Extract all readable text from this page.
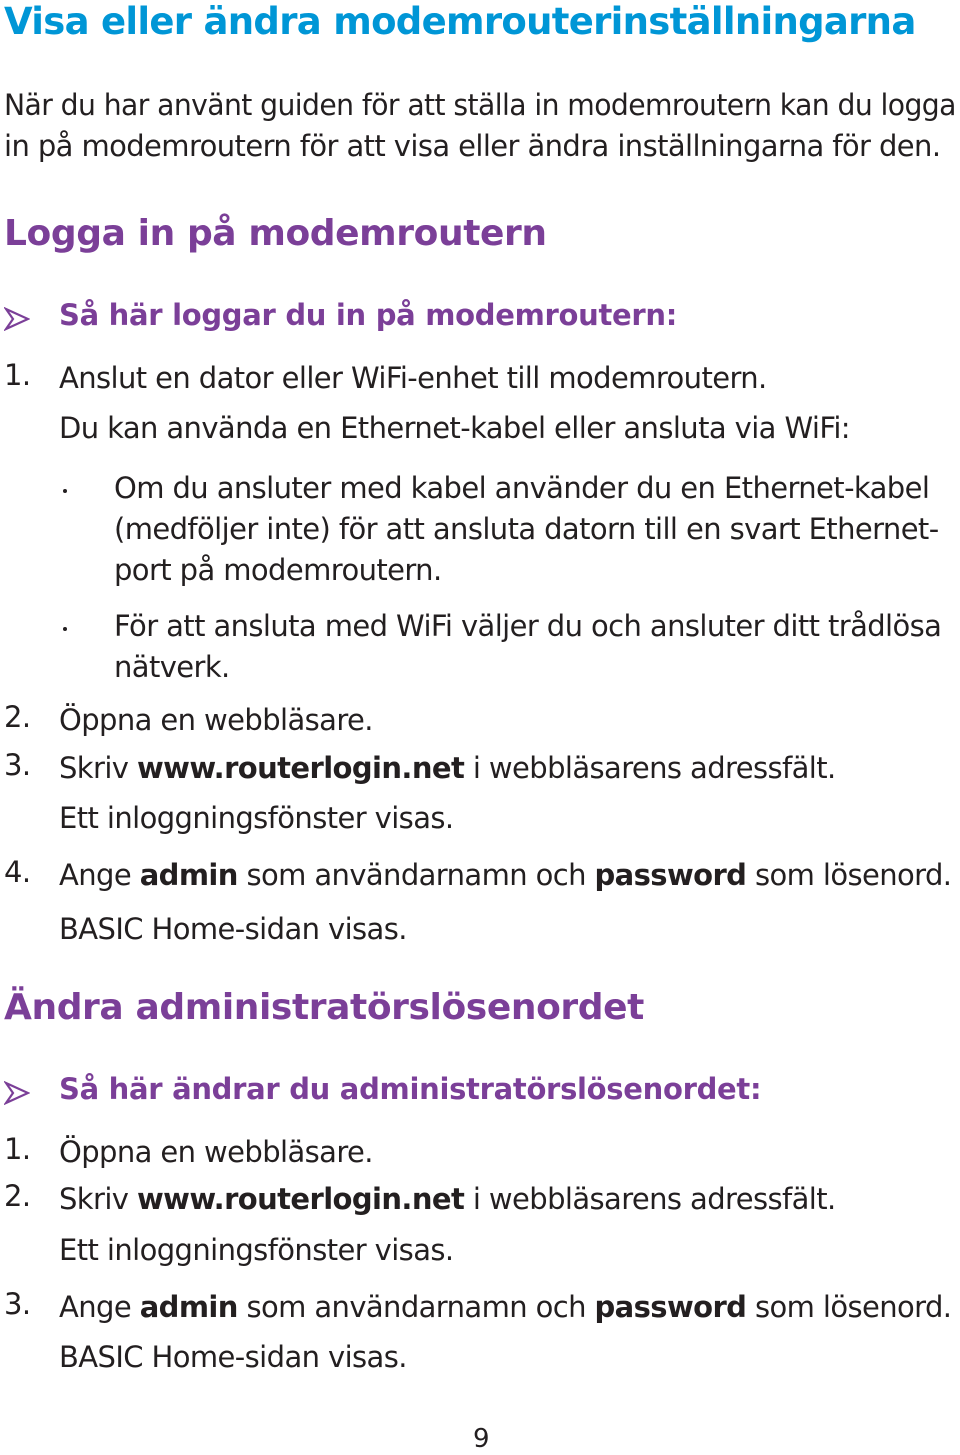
Visa eller ändra modemrouterinställningarna
När du har använt guiden för att ställa in modemroutern kan du logga
in på modemroutern för att visa eller ändra inställningarna för den.
Logga in på modemroutern
Så här loggar du in på modemroutern:
1. Anslut en dator eller WiFi-enhet till modemroutern.
Du kan använda en Ethernet-kabel eller ansluta via WiFi:
Om du ansluter med kabel använder du en Ethernet-kabel
(medföljer inte) för att ansluta datorn till en svart Ethernet-
port på modemroutern.
För att ansluta med WiFi väljer du och ansluter ditt trådlösa
nätverk.
2. Öppna en webbläsare.
3. Skriv www.routerlogin.net i webbläsarens adressfält.
Ett inloggningsfönster visas.
4. Ange admin som användarnamn och password som lösenord.
BASIC Home-sidan visas.
Ändra administratörslösenordet
Så här ändrar du administratörslösenordet:
1. Öppna en webbläsare.
2. Skriv www.routerlogin.net i webbläsarens adressfält.
Ett inloggningsfönster visas.
3. Ange admin som användarnamn och password som lösenord.
BASIC Home-sidan visas.
9
